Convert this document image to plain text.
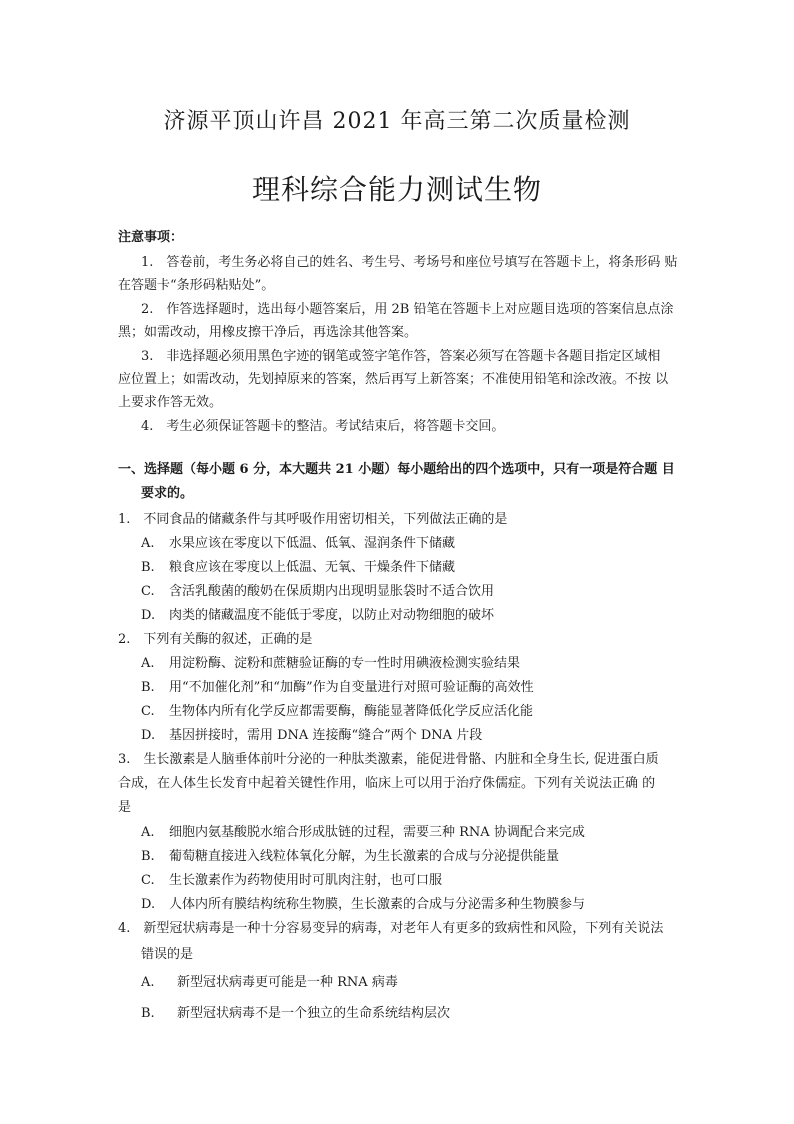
济源平顶山许昌 2021 年高三第二次质量检测
理科综合能力测试生物
注意事项：
1.　答卷前，考生务必将自己的姓名、考生号、考场号和座位号填写在答题卡上，将条形码 贴
在答题卡“条形码粘贴处”。
2.　作答选择题时，选出每小题答案后，用 2B 铅笔在答题卡上对应题目选项的答案信息点涂
黑；如需改动，用橡皮擦干净后，再选涂其他答案。
3.　非选择题必须用黑色字迹的钢笔或签字笔作答，答案必须写在答题卡各题目指定区域相
应位置上；如需改动，先划掉原来的答案，然后再写上新答案；不准使用铅笔和涂改液。不按 以
上要求作答无效。
4.　考生必须保证答题卡的整洁。考试结束后，将答题卡交回。
一、选择题（每小题 6 分，本大题共 21 小题）每小题给出的四个选项中，只有一项是符合题 目
要求的。
1.　不同食品的储藏条件与其呼吸作用密切相关，下列做法正确的是
A. 水果应该在零度以下低温、低氧、湿润条件下储藏
B. 粮食应该在零度以上低温、无氧、干燥条件下储藏
C. 含活乳酸菌的酸奶在保质期内出现明显胀袋时不适合饮用
D. 肉类的储藏温度不能低于零度，以防止对动物细胞的破坏
2.　下列有关酶的叙述，正确的是
A. 用淀粉酶、淀粉和蔗糖验证酶的专一性时用碘液检测实验结果
B. 用“不加催化剂”和“加酶”作为自变量进行对照可验证酶的高效性
C. 生物体内所有化学反应都需要酶，酶能显著降低化学反应活化能
D. 基因拼接时，需用 DNA 连接酶“缝合”两个 DNA 片段
3.　生长激素是人脑垂体前叶分泌的一种肽类激素，能促进骨骼、内脏和全身生长, 促进蛋白质
合成，在人体生长发育中起着关键性作用，临床上可以用于治疗侏儒症。下列有关说法正确 的
是
A. 细胞内氨基酸脱水缩合形成肽链的过程，需要三种 RNA 协调配合来完成
B. 葡萄糖直接进入线粒体氧化分解，为生长激素的合成与分泌提供能量
C. 生长激素作为药物使用时可肌肉注射，也可口服
D. 人体内所有膜结构统称生物膜，生长激素的合成与分泌需多种生物膜参与
4.　新型冠状病毒是一种十分容易变异的病毒，对老年人有更多的致病性和风险，下列有关说法
错误的是
A. 新型冠状病毒更可能是一种 RNA 病毒
B. 新型冠状病毒不是一个独立的生命系统结构层次
